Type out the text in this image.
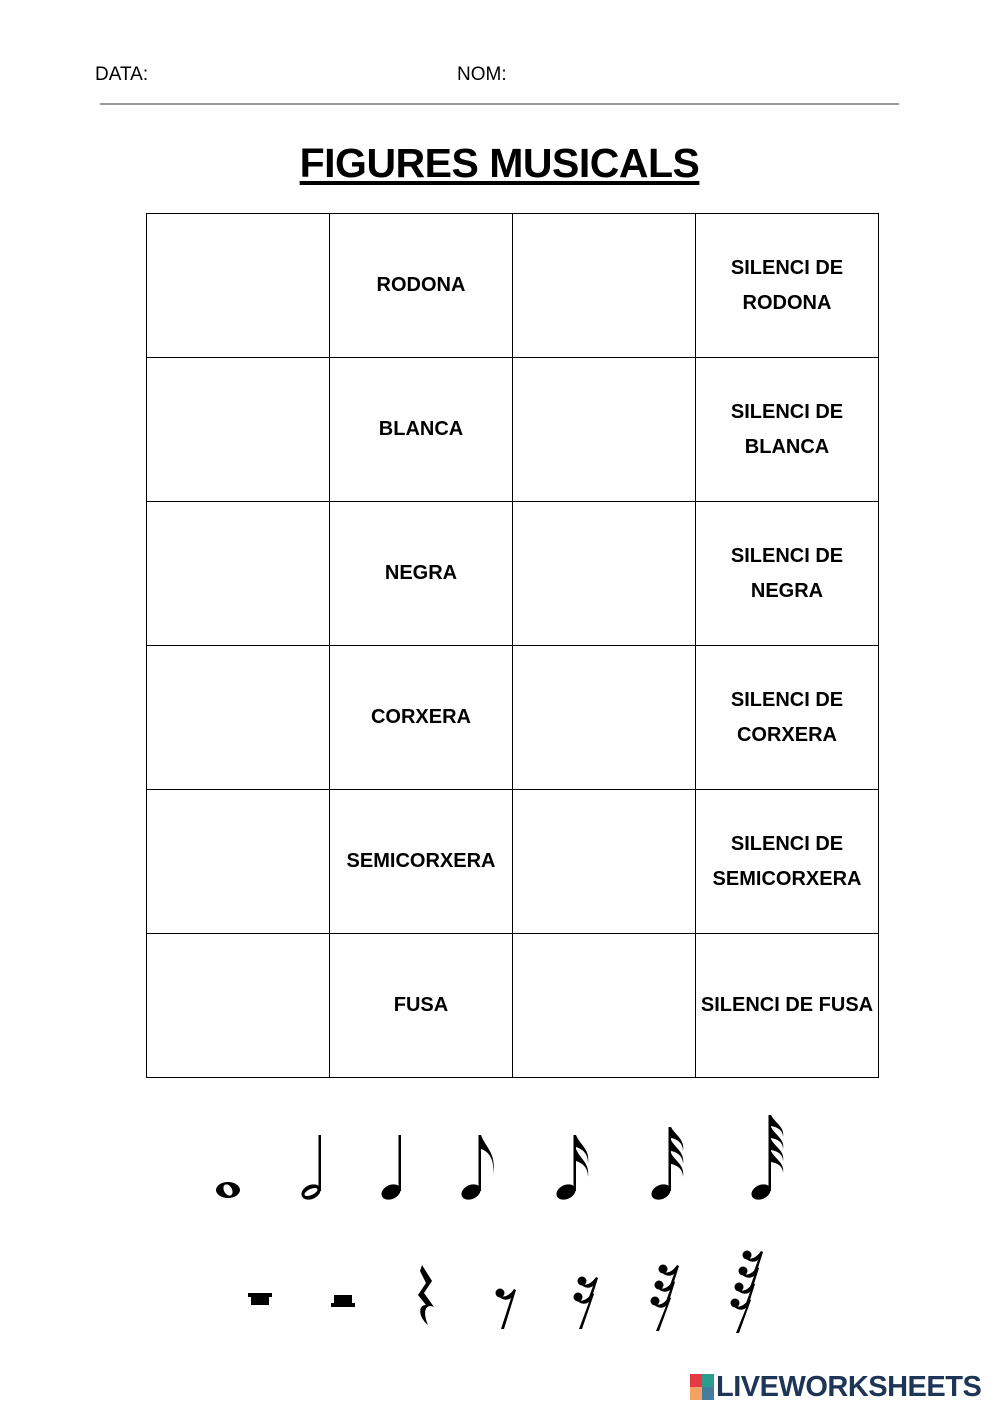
DATA:	NOM:
FIGURES MUSICALS
	RODONA		SILENCI DE RODONA
	BLANCA		SILENCI DE BLANCA
	NEGRA		SILENCI DE NEGRA
	CORXERA		SILENCI DE CORXERA
	SEMICORXERA		SILENCI DE SEMICORXERA
	FUSA		SILENCI DE FUSA
LIVEWORKSHEETS
